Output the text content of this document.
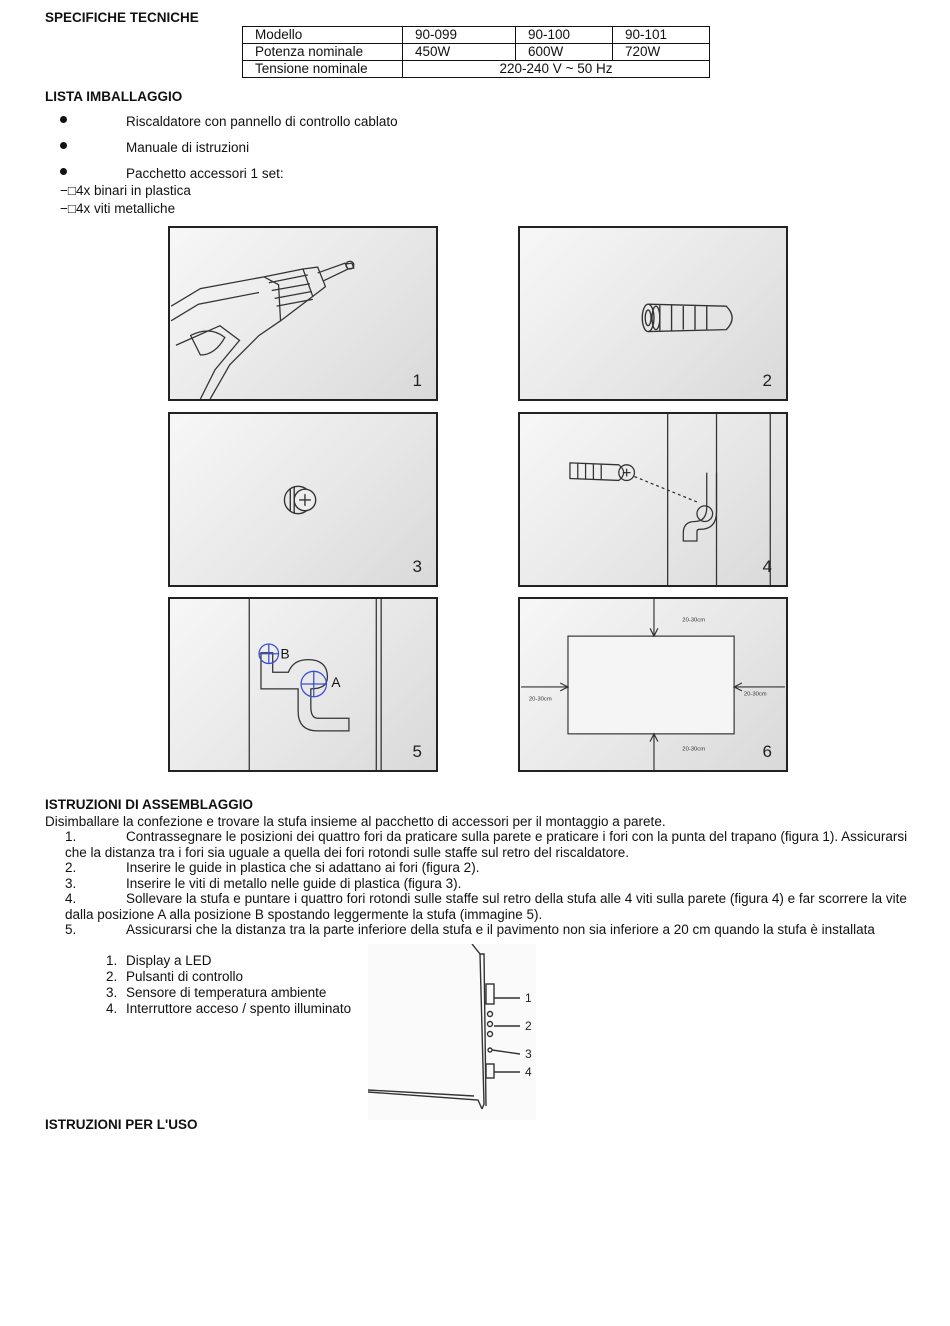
SPECIFICHE TECNICHE
Modello	90-099	90-100	90-101
Potenza nominale	450W	600W	720W
Tensione nominale	220-240 V ~ 50 Hz		
LISTA IMBALLAGGIO
Riscaldatore con pannello di controllo cablato
Manuale di istruzioni
Pacchetto accessori 1 set:
−□4x binari in plastica
−□4x viti metalliche
1	2
3	4
B
A
5
20-30cm
20-30cm
20-30cm
20-30cm	6
ISTRUZIONI DI ASSEMBLAGGIO
Disimballare la confezione e trovare la stufa insieme al pacchetto di accessori per il montaggio a parete.
1.	Contrassegnare le posizioni dei quattro fori da praticare sulla parete e praticare i fori con la punta del trapano (figura 1). Assicurarsi
che la distanza tra i fori sia uguale a quella dei fori rotondi sulle staffe sul retro del riscaldatore.
2.	Inserire le guide in plastica che si adattano ai fori (figura 2).
3.	Inserire le viti di metallo nelle guide di plastica (figura 3).
4.	Sollevare la stufa e puntare i quattro fori rotondi sulle staffe sul retro della stufa alle 4 viti sulla parete (figura 4) e far scorrere la vite
dalla posizione A alla posizione B spostando leggermente la stufa (immagine 5).
5.	Assicurarsi che la distanza tra la parte inferiore della stufa e il pavimento non sia inferiore a 20 cm quando la stufa è installata
1. Display a LED
2. Pulsanti di controllo
3. Sensore di temperatura ambiente
4. Interruttore acceso / spento illuminato
1
2
3
4
ISTRUZIONI PER L'USO
